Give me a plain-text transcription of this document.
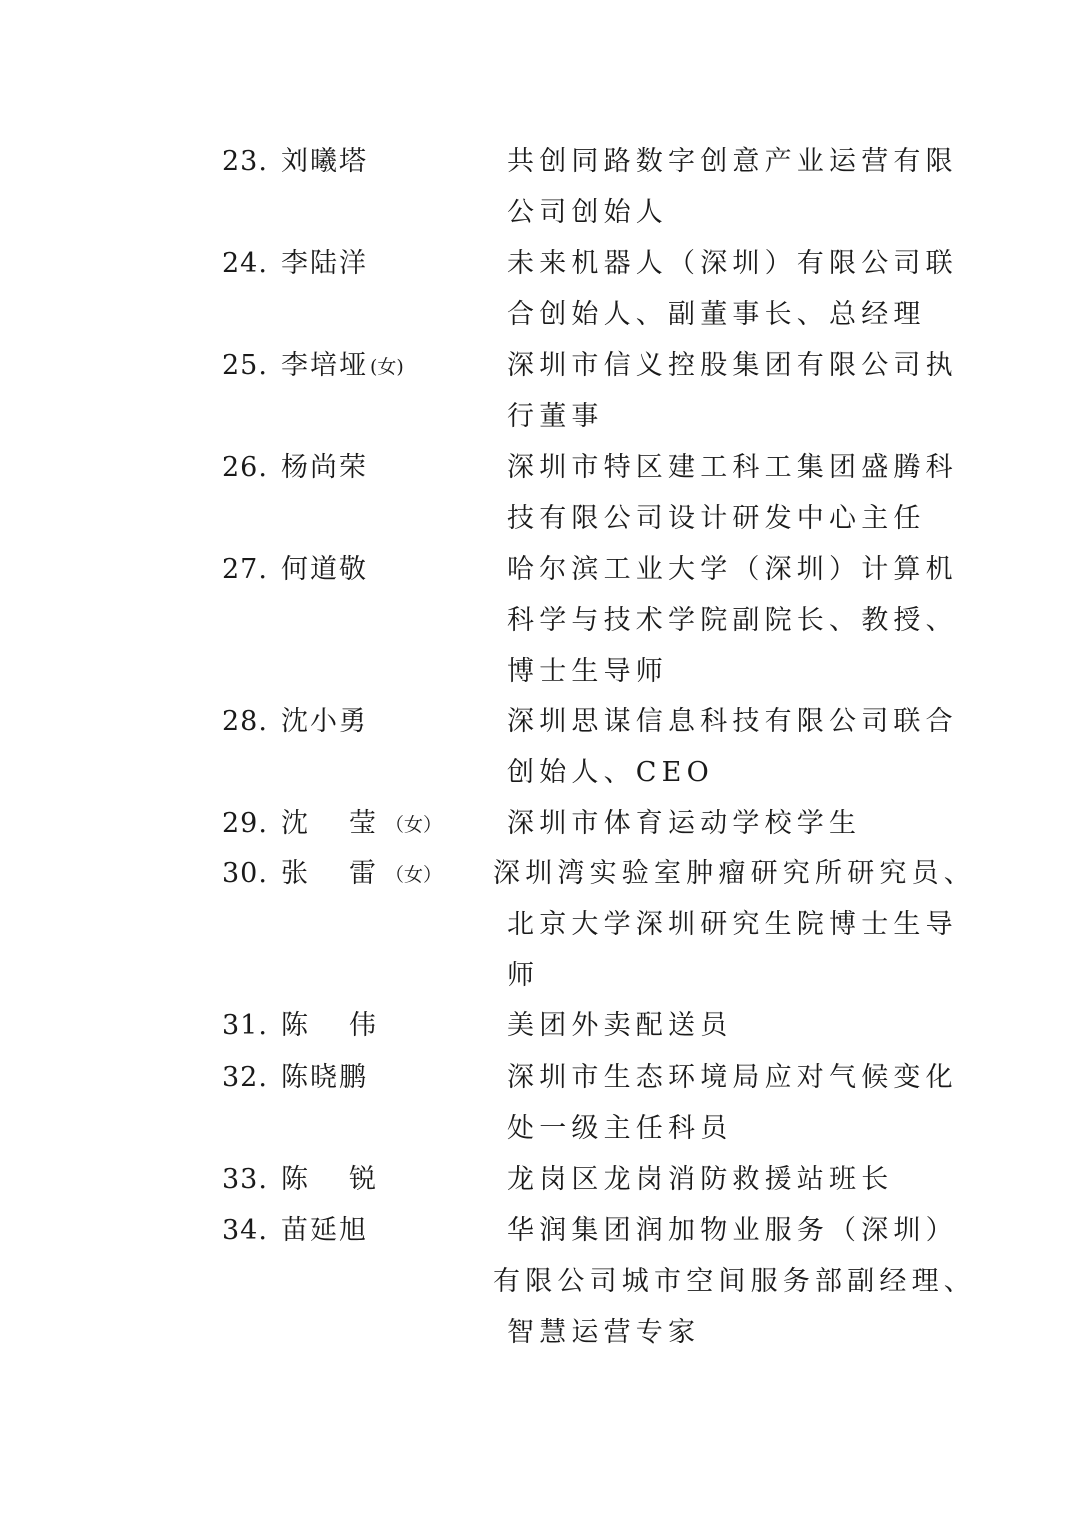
23. 刘曦塔	共创同路数字创意产业运营有限
公司创始人
24. 李陆洋	未来机器人（深圳）有限公司联
合创始人、副董事长、总经理
25. 李培垭 (女)	深圳市信义控股集团有限公司执
行董事
26. 杨尚荣	深圳市特区建工科工集团盛腾科
技有限公司设计研发中心主任
27. 何道敬	哈尔滨工业大学（深圳）计算机
科学与技术学院副院长、教授、
博士生导师
28. 沈小勇	深圳思谋信息科技有限公司联合
创始人、CEO
29. 沈　莹 （女） 深圳市体育运动学校学生
30. 张　雷 （女） 深圳湾实验室肿瘤研究所研究员、
北京大学深圳研究生院博士生导
师
31. 陈　伟	美团外卖配送员
32. 陈晓鹏	深圳市生态环境局应对气候变化
处一级主任科员
33. 陈　锐	龙岗区龙岗消防救援站班长
34. 苗延旭	华润集团润加物业服务（深圳）
有限公司城市空间服务部副经理、
智慧运营专家
